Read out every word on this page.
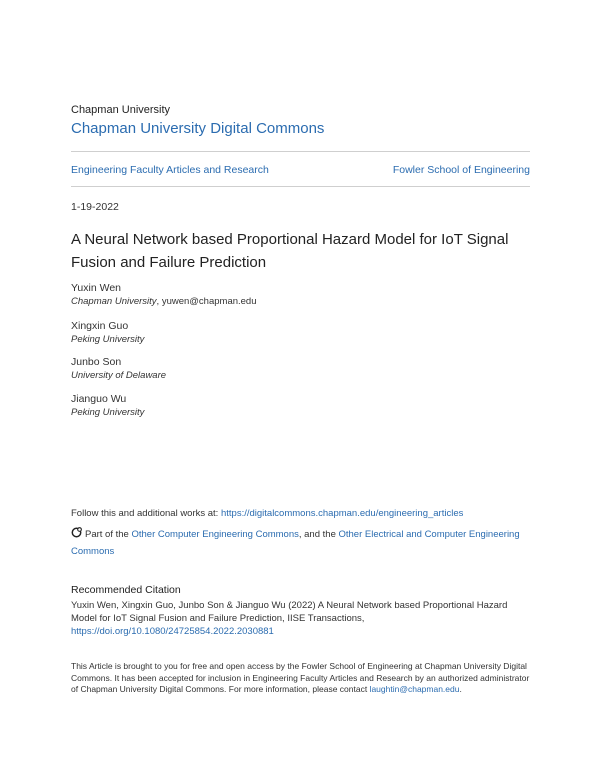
Chapman University
Chapman University Digital Commons
Engineering Faculty Articles and Research	Fowler School of Engineering
1-19-2022
A Neural Network based Proportional Hazard Model for IoT Signal Fusion and Failure Prediction
Yuxin Wen
Chapman University, yuwen@chapman.edu
Xingxin Guo
Peking University
Junbo Son
University of Delaware
Jianguo Wu
Peking University
Follow this and additional works at: https://digitalcommons.chapman.edu/engineering_articles
Part of the Other Computer Engineering Commons, and the Other Electrical and Computer Engineering Commons
Recommended Citation
Yuxin Wen, Xingxin Guo, Junbo Son & Jianguo Wu (2022) A Neural Network based Proportional Hazard Model for IoT Signal Fusion and Failure Prediction, IISE Transactions, https://doi.org/10.1080/24725854.2022.2030881
This Article is brought to you for free and open access by the Fowler School of Engineering at Chapman University Digital Commons. It has been accepted for inclusion in Engineering Faculty Articles and Research by an authorized administrator of Chapman University Digital Commons. For more information, please contact laughtin@chapman.edu.
